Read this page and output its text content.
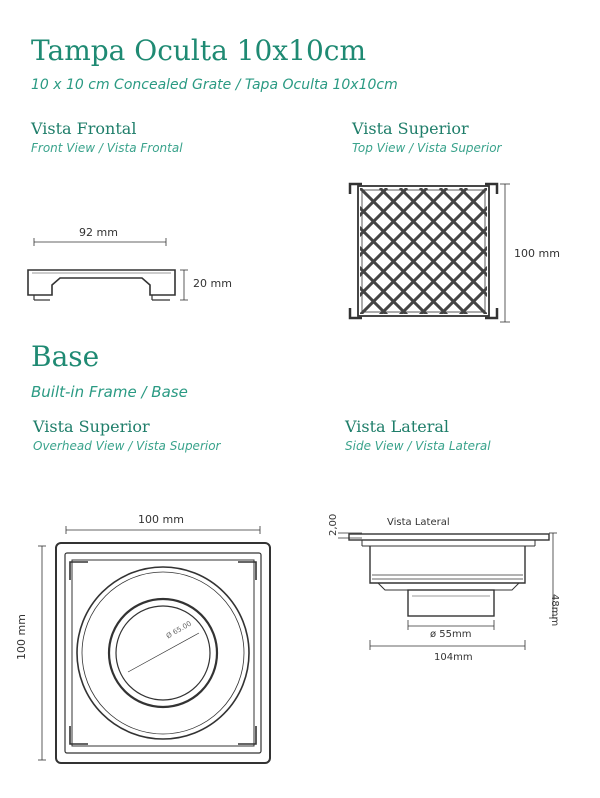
Tampa Oculta 10x10cm
10 x 10 cm Concealed Grate / Tapa Oculta 10x10cm
Vista Frontal
Front View / Vista Frontal
Vista Superior
Top View / Vista Superior
92 mm
20 mm
100 mm
Base
Built-in Frame / Base
Vista Superior
Overhead View / Vista Superior
Vista Lateral
Side View / Vista Lateral
100 mm
100 mm	Ø 65.00
Vista Lateral
2,00
48mm
ø 55mm
104mm
